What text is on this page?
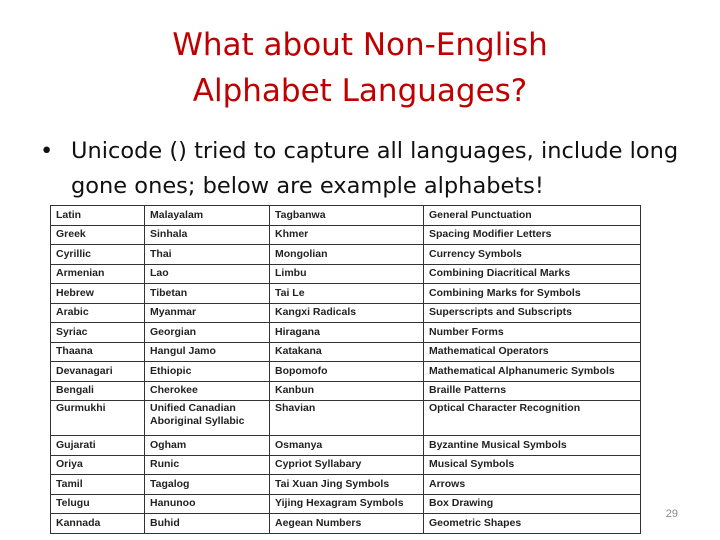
What about Non-English
Alphabet Languages?
• Unicode () tried to capture all languages, include long gone ones; below are example alphabets!
Latin	Malayalam	Tagbanwa	General Punctuation
Greek	Sinhala	Khmer	Spacing Modifier Letters
Cyrillic	Thai	Mongolian	Currency Symbols
Armenian	Lao	Limbu	Combining Diacritical Marks
Hebrew	Tibetan	Tai Le	Combining Marks for Symbols
Arabic	Myanmar	Kangxi Radicals	Superscripts and Subscripts
Syriac	Georgian	Hiragana	Number Forms
Thaana	Hangul Jamo	Katakana	Mathematical Operators
Devanagari	Ethiopic	Bopomofo	Mathematical Alphanumeric Symbols
Bengali	Cherokee	Kanbun	Braille Patterns
Gurmukhi	Unified Canadian Aboriginal Syllabic	Shavian	Optical Character Recognition
Gujarati	Ogham	Osmanya	Byzantine Musical Symbols
Oriya	Runic	Cypriot Syllabary	Musical Symbols
Tamil	Tagalog	Tai Xuan Jing Symbols	Arrows
Telugu	Hanunoo	Yijing Hexagram Symbols	Box Drawing
Kannada	Buhid	Aegean Numbers	Geometric Shapes
29
